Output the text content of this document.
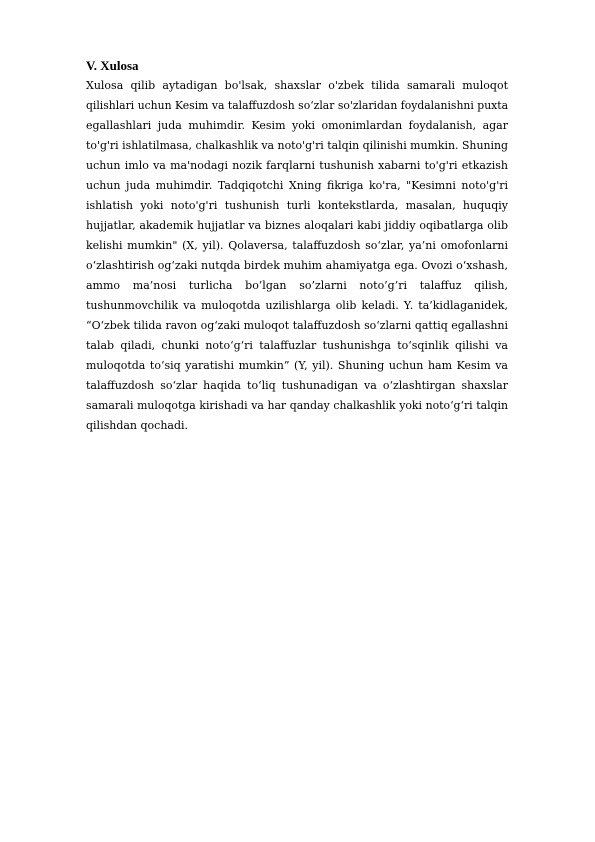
V. Xulosa
Xulosa qilib aytadigan bo'lsak, shaxslar o'zbek tilida samarali muloqot
qilishlari uchun Kesim va talaffuzdosh so‘zlar so'zlaridan foydalanishni puxta
egallashlari juda muhimdir. Kesim yoki omonimlardan foydalanish, agar
to'g'ri ishlatilmasa, chalkashlik va noto'g'ri talqin qilinishi mumkin. Shuning
uchun imlo va ma'nodagi nozik farqlarni tushunish xabarni to'g'ri etkazish
uchun juda muhimdir. Tadqiqotchi Xning fikriga ko'ra, "Kesimni noto'g'ri
ishlatish yoki noto'g'ri tushunish turli kontekstlarda, masalan, huquqiy
hujjatlar, akademik hujjatlar va biznes aloqalari kabi jiddiy oqibatlarga olib
kelishi mumkin" (X, yil). Qolaversa, talaffuzdosh so‘zlar, ya’ni omofonlarni
o‘zlashtirish og‘zaki nutqda birdek muhim ahamiyatga ega. Ovozi o‘xshash,
ammo ma’nosi turlicha bo’lgan so’zlarni noto’g’ri talaffuz qilish,
tushunmovchilik va muloqotda uzilishlarga olib keladi. Y. ta’kidlaganidek,
“O‘zbek tilida ravon og‘zaki muloqot talaffuzdosh so‘zlarni qattiq egallashni
talab qiladi, chunki noto‘g‘ri talaffuzlar tushunishga to‘sqinlik qilishi va
muloqotda to‘siq yaratishi mumkin” (Y, yil). Shuning uchun ham Kesim va
talaffuzdosh so‘zlar haqida to‘liq tushunadigan va o‘zlashtirgan shaxslar
samarali muloqotga kirishadi va har qanday chalkashlik yoki noto‘g‘ri talqin
qilishdan qochadi.
